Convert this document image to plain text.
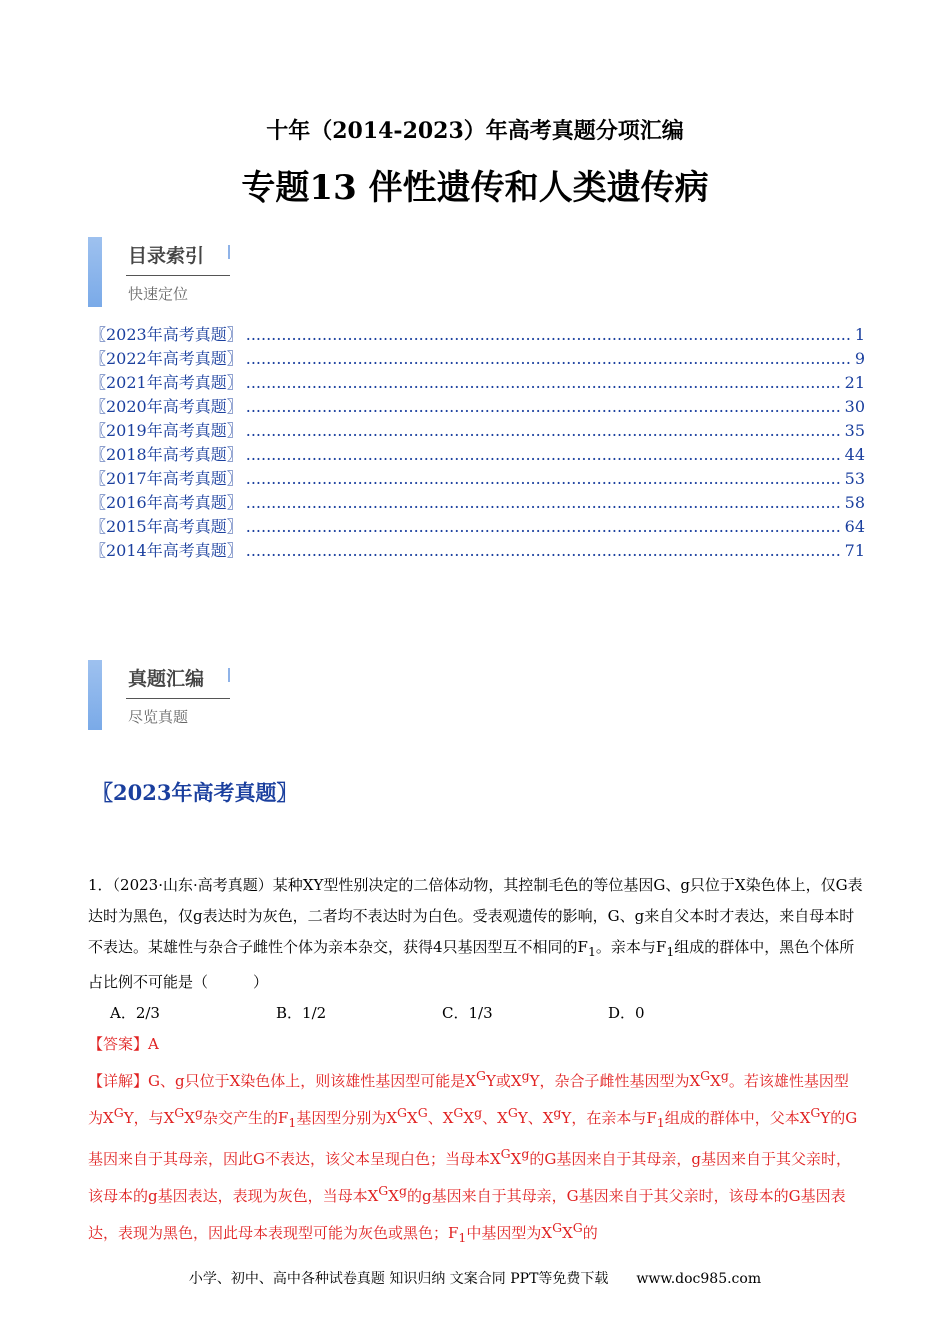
十年（2014-2023）年高考真题分项汇编
专题13 伴性遗传和人类遗传病
目录索引
快速定位
〖2023年高考真题〗 .....	1
〖2022年高考真题〗 .....	9
〖2021年高考真题〗 .....	21
〖2020年高考真题〗 .....	30
〖2019年高考真题〗 .....	35
〖2018年高考真题〗 .....	44
〖2017年高考真题〗 .....	53
〖2016年高考真题〗 .....	58
〖2015年高考真题〗 .....	64
〖2014年高考真题〗 .....	71
真题汇编
尽览真题
〖2023年高考真题〗
1．（2023·山东·高考真题）某种XY型性别决定的二倍体动物，其控制毛色的等位基因G、g只位于X染色体上，仅G表达时为黑色，仅g表达时为灰色，二者均不表达时为白色。受表观遗传的影响，G、g来自父本时才表达，来自母本时不表达。某雄性与杂合子雌性个体为亲本杂交，获得4只基因型互不相同的$F_1$。亲本与$F_1$组成的群体中，黑色个体所占比例不可能是（　　　）
A．2/3	B．1/2	C．1/3	D．0
【答案】A
【详解】G、g只位于X染色体上，则该雄性基因型可能是$X^GY$或$X^gY$，杂合子雌性基因型为$X^GX^g$。若该雄性基因型为$X^GY$，与$X^GX^g$杂交产生的$F_1$基因型分别为$X^GX^G$、$X^GX^g$、$X^GY$、$X^gY$，在亲本与$F_1$组成的群体中，父本$X^GY$的G基因来自于其母亲，因此G不表达，该父本呈现白色；当母本$X^GX^g$的G基因来自于其母亲，g基因来自于其父亲时，该母本的g基因表达，表现为灰色，当母本$X^GX^g$的g基因来自于其母亲，G基因来自于其父亲时，该母本的G基因表达，表现为黑色，因此母本表现型可能为灰色或黑色；$F_1$中基因型为$X^GX^G$的
小学、初中、高中各种试卷真题 知识归纳 文案合同 PPT等免费下载　　www.doc985.com
